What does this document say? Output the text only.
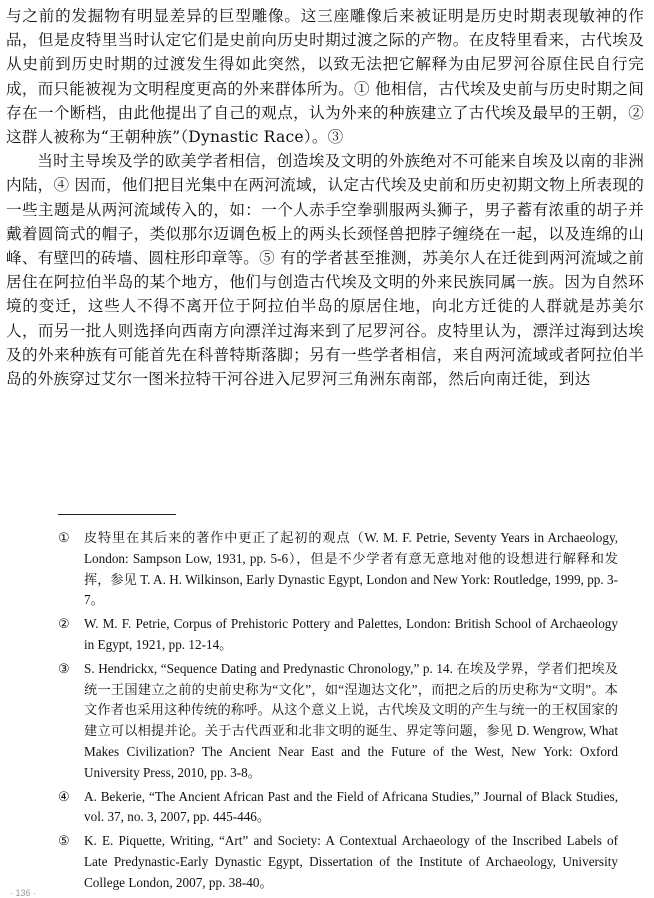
与之前的发掘物有明显差异的巨型雕像。这三座雕像后来被证明是历史时期表现敏神的作品，但是皮特里当时认定它们是史前向历史时期过渡之际的产物。在皮特里看来，古代埃及从史前到历史时期的过渡发生得如此突然，以致无法把它解释为由尼罗河谷原住民自行完成，而只能被视为文明程度更高的外来群体所为。① 他相信，古代埃及史前与历史时期之间存在一个断档，由此他提出了自己的观点，认为外来的种族建立了古代埃及最早的王朝，② 这群人被称为“王朝种族”（Dynastic Race）。③

当时主导埃及学的欧美学者相信，创造埃及文明的外族绝对不可能来自埃及以南的非洲内陆，④ 因而，他们把目光集中在两河流域，认定古代埃及史前和历史初期文物上所表现的一些主题是从两河流域传入的，如：一个人赤手空拳驯服两头狮子，男子蓄有浓重的胡子并戴着圆筒式的帽子，类似那尔迈调色板上的两头长颈怪兽把脖子缠绕在一起，以及连绵的山峰、有壁凹的砖墙、圆柱形印章等。⑤ 有的学者甚至推测，苏美尔人在迁徙到两河流域之前居住在阿拉伯半岛的某个地方，他们与创造古代埃及文明的外来民族同属一族。因为自然环境的变迁，这些人不得不离开位于阿拉伯半岛的原居住地，向北方迁徙的人群就是苏美尔人，而另一批人则选择向西南方向漂洋过海来到了尼罗河谷。皮特里认为，漂洋过海到达埃及的外来种族有可能首先在科普特斯落脚；另有一些学者相信，来自两河流域或者阿拉伯半岛的外族穿过艾尔一图米拉特干河谷进入尼罗河三角洲东南部，然后向南迁徙，到达

①	皮特里在其后来的著作中更正了起初的观点（W. M. F. Petrie, Seventy Years in Archaeology, London: Sampson Low, 1931, pp. 5-6），但是不少学者有意无意地对他的设想进行解释和发挥，参见 T. A. H. Wilkinson, Early Dynastic Egypt, London and New York: Routledge, 1999, pp. 3-7。
②	W. M. F. Petrie, Corpus of Prehistoric Pottery and Palettes, London: British School of Archaeology in Egypt, 1921, pp. 12-14。
③	S. Hendrickx, “Sequence Dating and Predynastic Chronology,” p. 14. 在埃及学界，学者们把埃及统一王国建立之前的史前史称为“文化”，如“涅迦达文化”，而把之后的历史称为“文明”。本文作者也采用这种传统的称呼。从这个意义上说，古代埃及文明的产生与统一的王权国家的建立可以相提并论。关于古代西亚和北非文明的诞生、界定等问题，参见 D. Wengrow, What Makes Civilization? The Ancient Near East and the Future of the West, New York: Oxford University Press, 2010, pp. 3-8。
④	A. Bekerie, “The Ancient African Past and the Field of Africana Studies,” Journal of Black Studies, vol. 37, no. 3, 2007, pp. 445-446。
⑤	K. E. Piquette, Writing, “Art” and Society: A Contextual Archaeology of the Inscribed Labels of Late Predynastic-Early Dynastic Egypt, Dissertation of the Institute of Archaeology, University College London, 2007, pp. 38-40。
· 136 ·
